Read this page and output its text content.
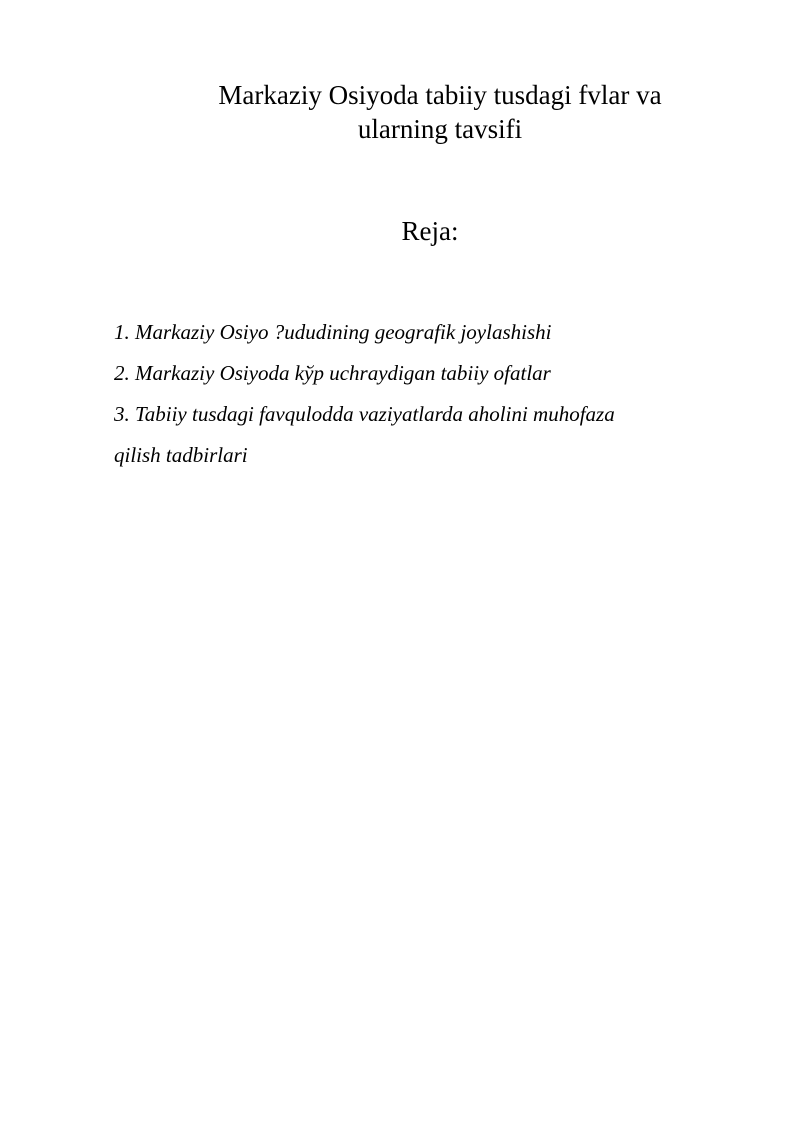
Markaziy Osiyoda tabiiy tusdagi fvlar va
ularning tavsifi
Reja:
1. Markaziy Osiyo ?ududining geografik joylashishi
2. Markaziy Osiyoda kўp uchraydigan tabiiy ofatlar
3. Tabiiy tusdagi favqulodda vaziyatlarda aholini muhofaza
qilish tadbirlari
